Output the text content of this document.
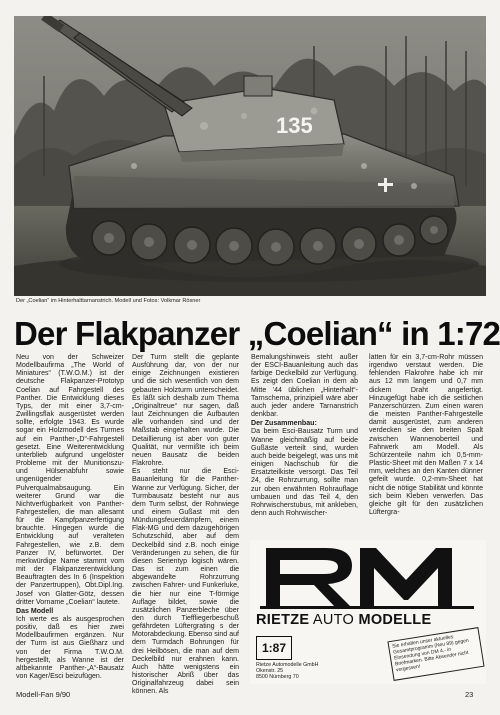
135
Der „Coelian“ im Hinterhalttarnanstrich. Modell und Fotos: Volkmar Rösner
Der Flakpanzer „Coelian“ in 1:72

Neu von der Schweizer Modellbaufirma „The World of Miniatures“ (T.W.O.M.) ist der deutsche Flakpanzer-Prototyp Coelian auf Fahrgestell des Panther. Die Entwicklung dieses Typs, der mit einer 3,7-cm-Zwillingsflak ausgerüstet werden sollte, erfolgte 1943. Es wurde sogar ein Holzmodell des Turmes auf ein Panther-„D“-Fahrgestell gesetzt. Eine Weiterentwicklung unterblieb aufgrund ungelöster Probleme mit der Munitionszu- und Hülsenabfuhr sowie ungenügender Pulverqualmabsaugung. Ein weiterer Grund war die Nichtverfügbarkeit von Panther-Fahrgestellen, die man allesamt für die Kampfpanzerfertigung brauchte. Hingegen wurde die Entwicklung auf veralteten Fahrgestellen, wie z.B. dem Panzer IV, befürwortet. Der merkwürdige Name stammt vom mit der Flakpanzerentwicklung Beauftragten des In 6 (Inspektion der Panzertruppen), Obt.Dipl.Ing. Josef von Glatter-Götz, dessen dritter Vorname „Coelian“ lautete.

Das Modell

Ich werte es als ausgesprochen positiv, daß es hier zwei Modellbaufirmen ergänzen. Nur der Turm ist aus Gießharz und von der Firma T.W.O.M. hergestellt, als Wanne ist der altbekannte Panther-„A“-Bausatz von Kager/Esci beizufügen.

Der Turm stellt die geplante Ausführung dar, von der nur einige Zeichnungen existieren und die sich wesentlich von dem gebauten Holzturm unterscheidet. Es läßt sich deshalb zum Thema „Originaltreue“ nur sagen, daß laut Zeichnungen die Aufbauten alle vorhanden sind und der Maßstab eingehalten wurde. Die Detaillierung ist aber von guter Qualität, nur vermißte ich beim neuen Bausatz die beiden Flakrohre.

Es steht nur die Esci-Bauanleitung für die Panther-Wanne zur Verfügung. Sicher, der Turmbausatz besteht nur aus dem Turm selbst, der Rohrwiege und einem Gußast mit den Mündungsfeuerdämpfern, einem Flak-MG und dem dazugehörigen Schutzschild, aber auf dem Deckelbild sind z.B. noch einige Veränderungen zu sehen, die für diesen Serientyp logisch wären. Das ist zum einen die abgewandelte Rohrzurrung zwischen Fahrer- und Funkerluke, die hier nur eine T-förmige Auflage bildet, sowie die zusätzlichen Panzerbleche über den durch Tieffliegerbeschuß gefährdeten Lüftergrating s der Motorabdeckung. Ebenso sind auf dem Turmdach Bohrungen für drei Heilbösen, die man auf dem Deckelbild nur erahnen kann. Auch hätte wenigstens ein historischer Abriß über das Originalfahrzeug dabei sein können. Als

Bemalungshinweis steht außer der ESCI-Bauanleitung auch das farbige Deckelbild zur Verfügung. Es zeigt den Coelian in dem ab Mitte ’44 üblichen „Hinterhalt“-Tarnschema, prinzipiell wäre aber auch jeder andere Tarnanstrich denkbar.

Der Zusammenbau:

Da beim Esci-Bausatz Turm und Wanne gleichmäßig auf beide Gußäste verteilt sind, wurden auch beide beigelegt, was uns mit einigen Nachschub für die Ersatzteilkiste versorgt. Das Teil 24, die Rohrzurrung, sollte man zur oben erwähnten Rohrauflage umbauen und das Teil 4, den Rohrwischerstubus, mit ankleben, denn auch Rohrwischer-

latten für ein 3,7-cm-Rohr müssen irgendwo verstaut werden. Die fehlenden Flakrohre habe ich mir aus 12 mm langem und 0,7 mm dickem Draht angefertigt. Hinzugefügt habe ich die seitlichen Panzerschürzen. Zum einen waren die meisten Panther-Fahrgestelle damit ausgerüstet, zum anderen verdecken sie den breiten Spalt zwischen Wannenoberteil und Fahrwerk am Modell. Als Schürzenteile nahm ich 0,5-mm-Plastic-Sheet mit den Maßen 7 x 14 mm, welches an den Kanten dünner gefeilt wurde. 0,2-mm-Sheet hat nicht die nötige Stabilität und könnte sich beim Kleben verwerfen. Das gleiche gilt für den zusätzlichen Lüftergra-

RIETZE AUTO MODELLE
1:87
Rietze Automodelle GmbH
Okenstr. 25
8500 Nürnberg 70
Sie erhalten unser aktuelles Gesamtprogramm (Neu 89) gegen Einsendung von DM 4,- in Briefmarken. Bitte Absender nicht vergessen!
Modell-Fan 9/90	23
